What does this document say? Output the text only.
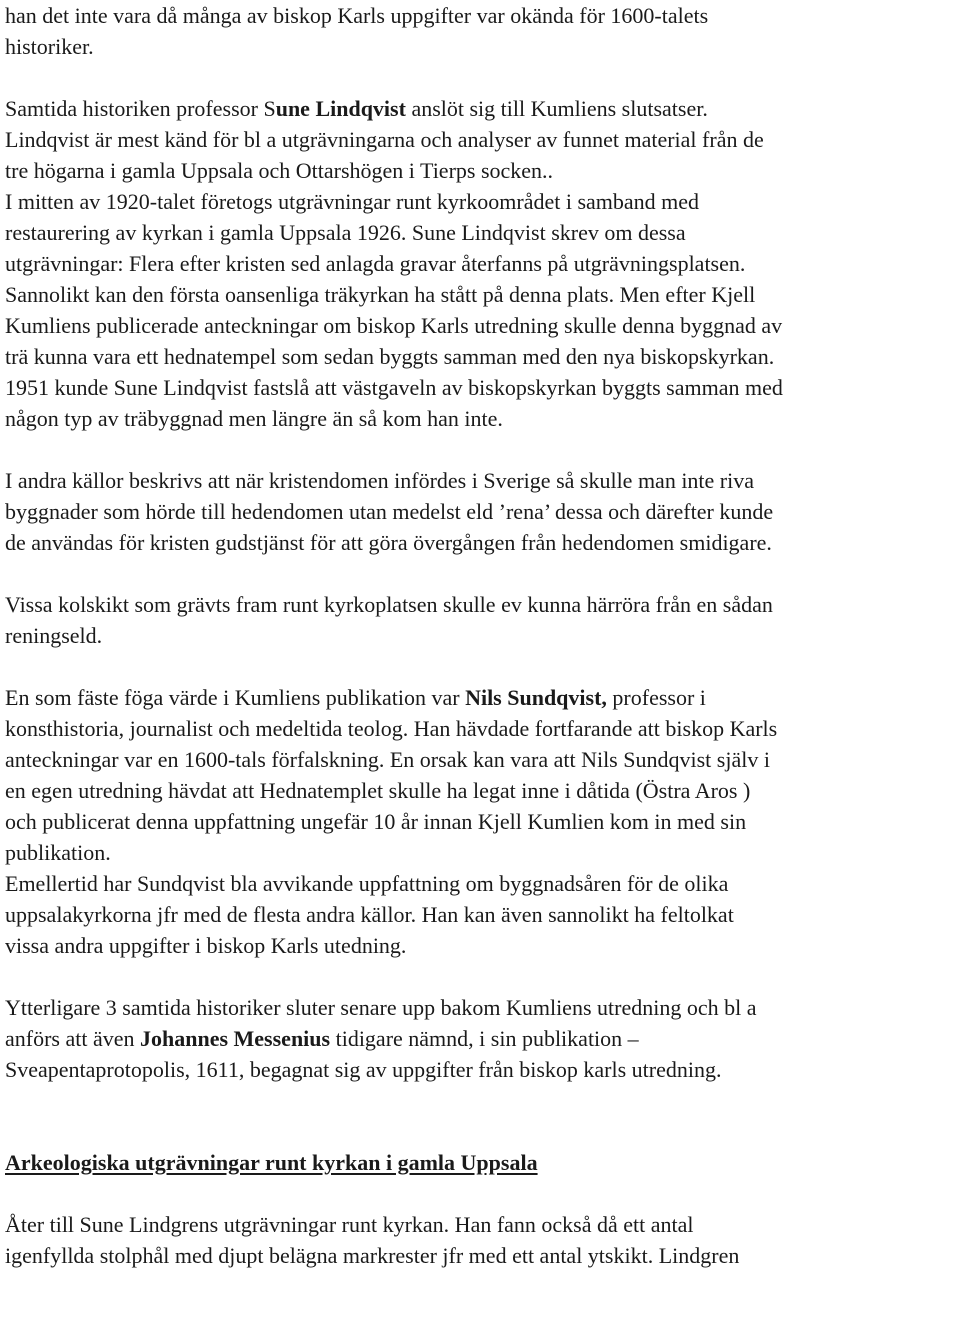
han det inte vara då många av biskop Karls uppgifter var okända för 1600-talets
historiker.
Samtida historiken professor Sune Lindqvist anslöt sig till Kumliens slutsatser.
Lindqvist är mest känd för bl a utgrävningarna och analyser av funnet material från de
tre högarna i gamla Uppsala och Ottarshögen i Tierps socken..
I mitten av 1920-talet företogs utgrävningar runt kyrkoområdet i samband med
restaurering av kyrkan i gamla Uppsala 1926. Sune Lindqvist skrev om dessa
utgrävningar: Flera efter kristen sed anlagda gravar återfanns på utgrävningsplatsen.
Sannolikt kan den första oansenliga träkyrkan ha stått på denna plats. Men efter Kjell
Kumliens publicerade anteckningar om biskop Karls utredning skulle denna byggnad av
trä kunna vara ett hednatempel som sedan byggts samman med den nya biskopskyrkan.
1951 kunde Sune Lindqvist fastslå att västgaveln av biskopskyrkan byggts samman med
någon typ av träbyggnad men längre än så kom han inte.
I andra källor beskrivs att när kristendomen infördes i Sverige så skulle man inte riva
byggnader som hörde till hedendomen utan medelst eld ’rena’ dessa och därefter kunde
de användas för kristen gudstjänst för att göra övergången från hedendomen smidigare.
Vissa kolskikt som grävts fram runt kyrkoplatsen skulle ev kunna härröra från en sådan
reningseld.
En som fäste föga värde i Kumliens publikation var Nils Sundqvist, professor i
konsthistoria, journalist och medeltida teolog. Han hävdade fortfarande att biskop Karls
anteckningar var en 1600-tals förfalskning. En orsak kan vara att Nils Sundqvist själv i
en egen utredning hävdat att Hednatemplet skulle ha legat inne i dåtida (Östra Aros )
och publicerat denna uppfattning ungefär 10 år innan Kjell Kumlien kom in med sin
publikation.
Emellertid har Sundqvist bla avvikande uppfattning om byggnadsåren för de olika
uppsalakyrkorna jfr med de flesta andra källor. Han kan även sannolikt ha feltolkat
vissa andra uppgifter i biskop Karls utedning.
Ytterligare 3 samtida historiker sluter senare upp bakom Kumliens utredning och bl a
anförs att även Johannes Messenius tidigare nämnd, i sin publikation –
Sveapentaprotopolis, 1611, begagnat sig av uppgifter från biskop karls utredning.
Arkeologiska utgrävningar runt kyrkan i gamla Uppsala
Åter till Sune Lindgrens utgrävningar runt kyrkan. Han fann också då ett antal
igenfyllda stolphål med djupt belägna markrester jfr med ett antal ytskikt. Lindgren
